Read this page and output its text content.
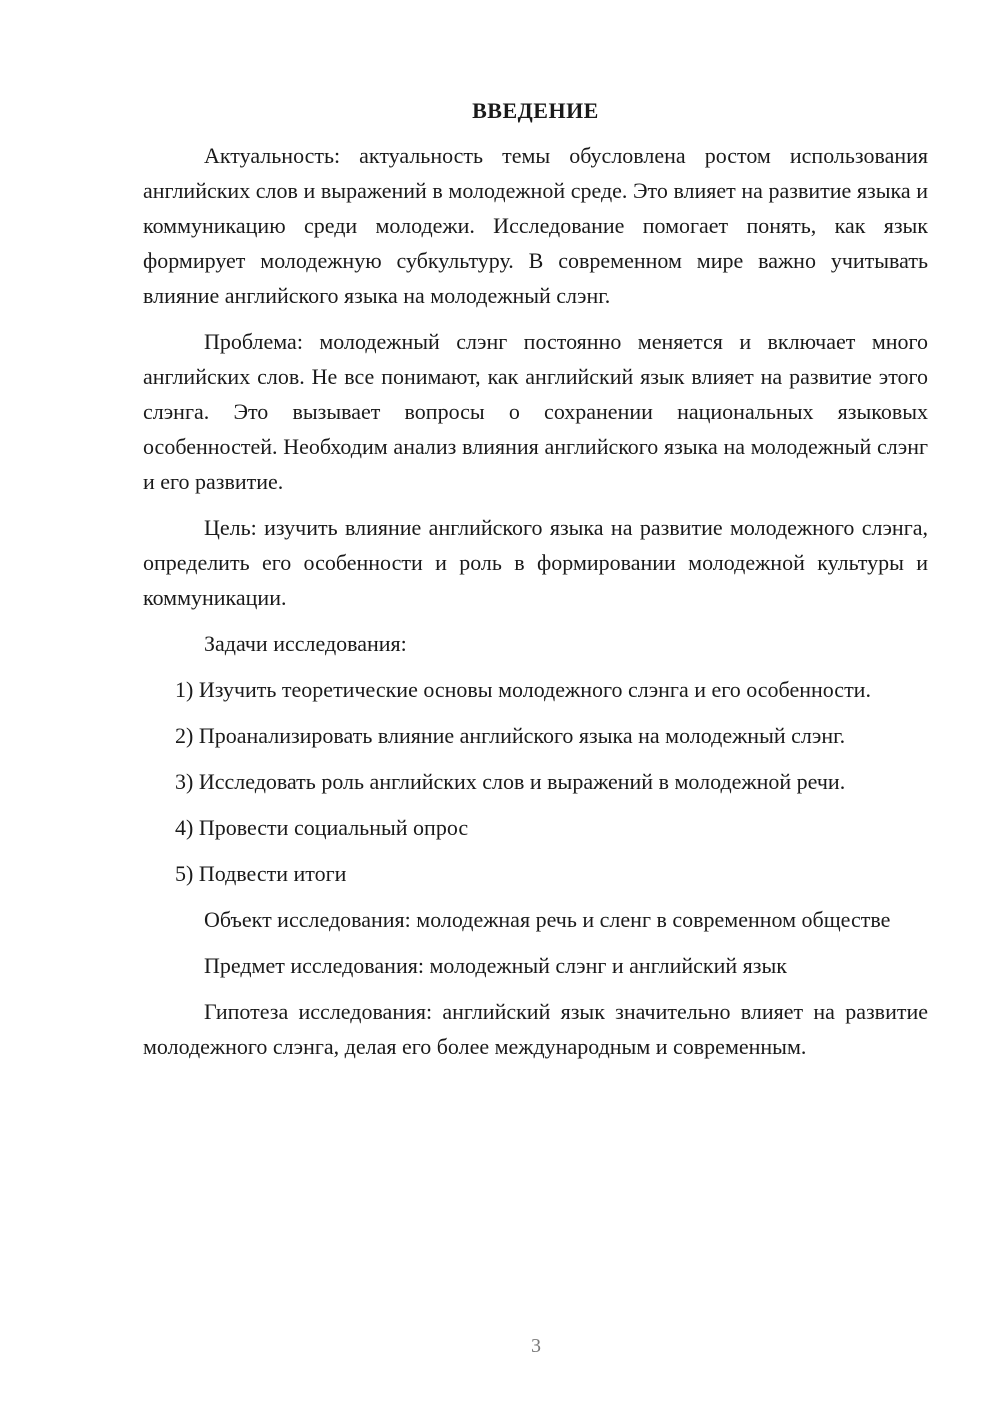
ВВЕДЕНИЕ

Актуальность: актуальность темы обусловлена ростом использования английских слов и выражений в молодежной среде. Это влияет на развитие языка и коммуникацию среди молодежи. Исследование помогает понять, как язык формирует молодежную субкультуру. В современном мире важно учитывать влияние английского языка на молодежный слэнг.

Проблема: молодежный слэнг постоянно меняется и включает много английских слов. Не все понимают, как английский язык влияет на развитие этого слэнга. Это вызывает вопросы о сохранении национальных языковых особенностей. Необходим анализ влияния английского языка на молодежный слэнг и его развитие.

Цель: изучить влияние английского языка на развитие молодежного слэнга, определить его особенности и роль в формировании молодежной культуры и коммуникации.

Задачи исследования:

1) Изучить теоретические основы молодежного слэнга и его особенности.

2) Проанализировать влияние английского языка на молодежный слэнг.

3) Исследовать роль английских слов и выражений в молодежной речи.

4) Провести социальный опрос

5) Подвести итоги

Объект исследования: молодежная речь и сленг в современном обществе

Предмет исследования: молодежный слэнг и английский язык

Гипотеза исследования: английский язык значительно влияет на развитие молодежного слэнга, делая его более международным и современным.

3
